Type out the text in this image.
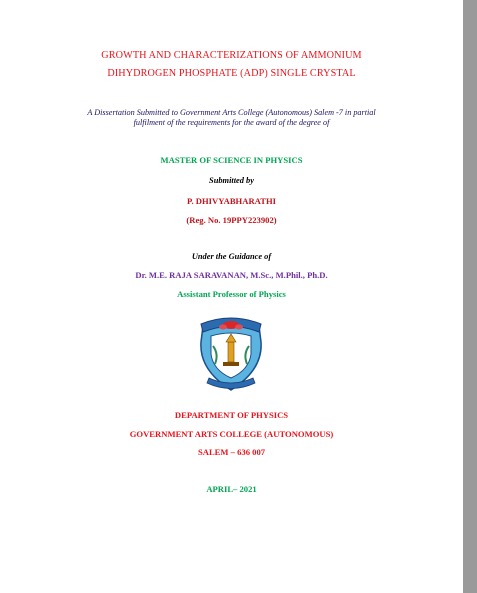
GROWTH AND CHARACTERIZATIONS OF AMMONIUM
DIHYDROGEN PHOSPHATE (ADP) SINGLE CRYSTAL
A Dissertation Submitted to Government Arts College (Autonomous) Salem -7 in partial
fulfilment of the requirements for the award of the degree of
MASTER OF SCIENCE IN PHYSICS
Submitted by
P. DHIVYABHARATHI
(Reg. No. 19PPY223902)
Under the Guidance of
Dr. M.E. RAJA SARAVANAN, M.Sc., M.Phil., Ph.D.
Assistant Professor of Physics
DEPARTMENT OF PHYSICS
GOVERNMENT ARTS COLLEGE (AUTONOMOUS)
SALEM – 636 007
APRIL– 2021
